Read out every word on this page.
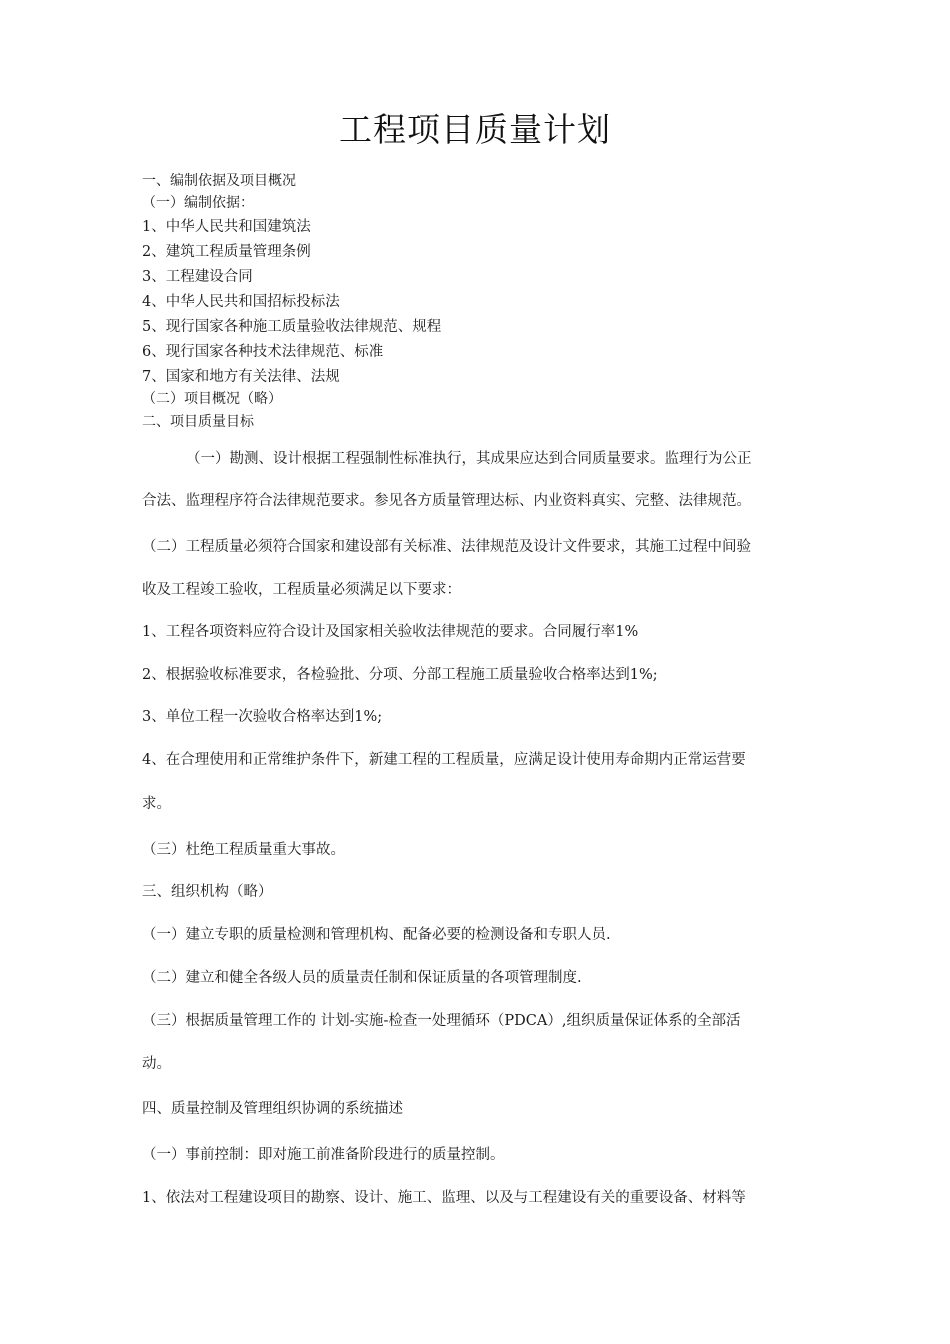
工程项目质量计划
一、编制依据及项目概况
（一）编制依据：
1、中华人民共和国建筑法
2、建筑工程质量管理条例
3、工程建设合同
4、中华人民共和国招标投标法
5、现行国家各种施工质量验收法律规范、规程
6、现行国家各种技术法律规范、标准
7、国家和地方有关法律、法规
（二）项目概况（略）
二、项目质量目标
（一）勘测、设计根据工程强制性标准执行，其成果应达到合同质量要求。监理行为公正
合法、监理程序符合法律规范要求。参见各方质量管理达标、内业资料真实、完整、法律规范。
（二）工程质量必须符合国家和建设部有关标准、法律规范及设计文件要求，其施工过程中间验
收及工程竣工验收，工程质量必须满足以下要求：
1、工程各项资料应符合设计及国家相关验收法律规范的要求。合同履行率1%
2、根据验收标准要求，各检验批、分项、分部工程施工质量验收合格率达到1%;
3、单位工程一次验收合格率达到1%;
4、在合理使用和正常维护条件下，新建工程的工程质量，应满足设计使用寿命期内正常运营要
求。
（三）杜绝工程质量重大事故。
三、组织机构（略）
（一）建立专职的质量检测和管理机构、配备必要的检测设备和专职人员.
（二）建立和健全各级人员的质量责任制和保证质量的各项管理制度.
（三）根据质量管理工作的 计划-实施-检查一处理循环（PDCA）,组织质量保证体系的全部活
动。
四、质量控制及管理组织协调的系统描述
（一）事前控制：即对施工前准备阶段进行的质量控制。
1、依法对工程建设项目的勘察、设计、施工、监理、以及与工程建设有关的重要设备、材料等
